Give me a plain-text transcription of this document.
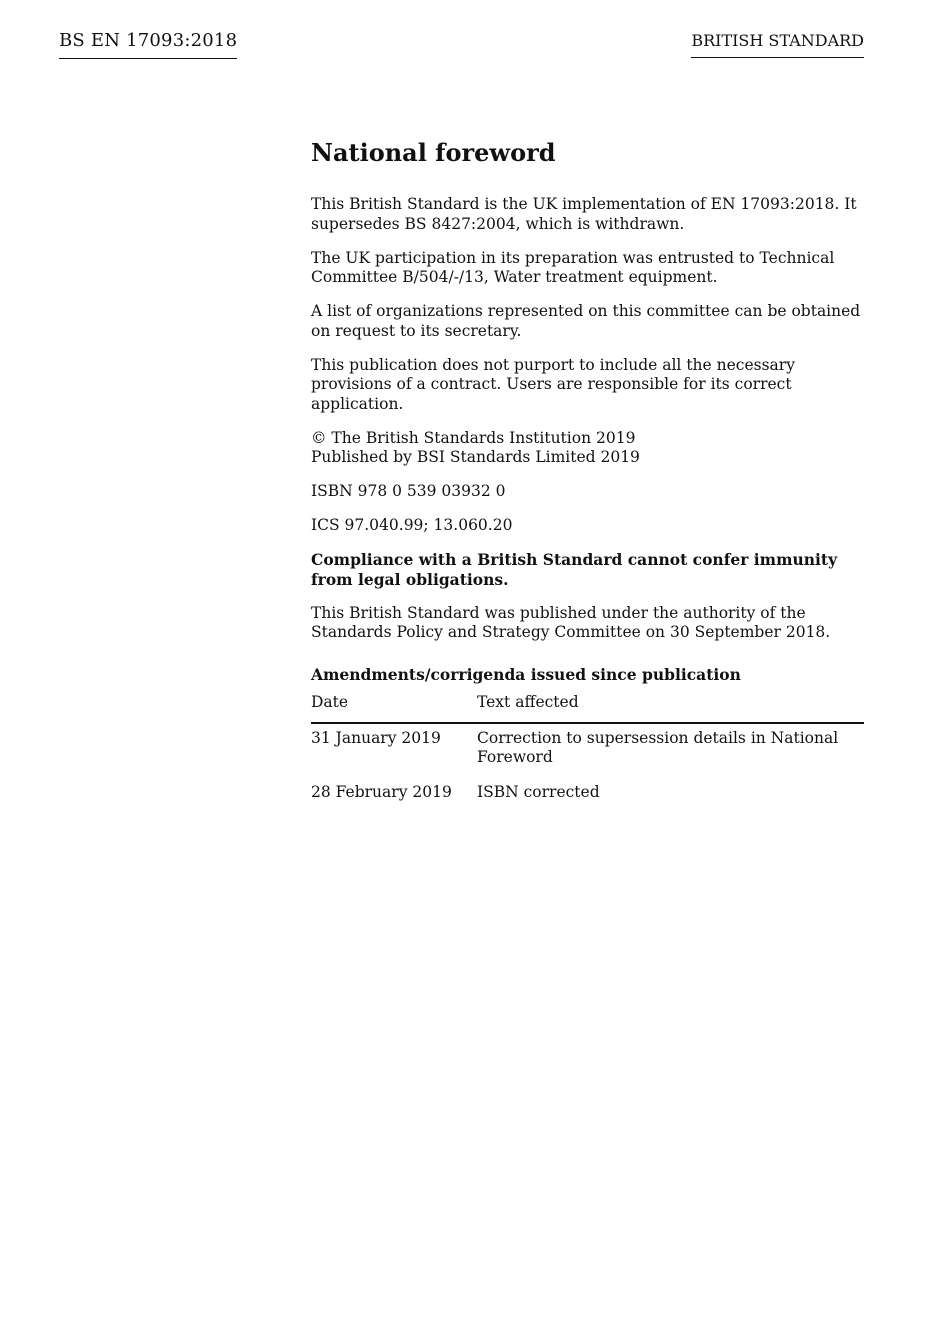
BS EN 17093:2018	BRITISH STANDARD
National foreword

This British Standard is the UK implementation of EN 17093:2018. It supersedes BS 8427:2004, which is withdrawn.

The UK participation in its preparation was entrusted to Technical Committee B/504/-/13, Water treatment equipment.

A list of organizations represented on this committee can be obtained on request to its secretary.

This publication does not purport to include all the necessary provisions of a contract. Users are responsible for its correct application.

© The British Standards Institution 2019
Published by BSI Standards Limited 2019

ISBN 978 0 539 03932 0

ICS 97.040.99; 13.060.20

Compliance with a British Standard cannot confer immunity from legal obligations.

This British Standard was published under the authority of the Standards Policy and Strategy Committee on 30 September 2018.

Amendments/corrigenda issued since publication
Date	Text affected
31 January 2019	Correction to supersession details in National Foreword
28 February 2019	ISBN corrected
